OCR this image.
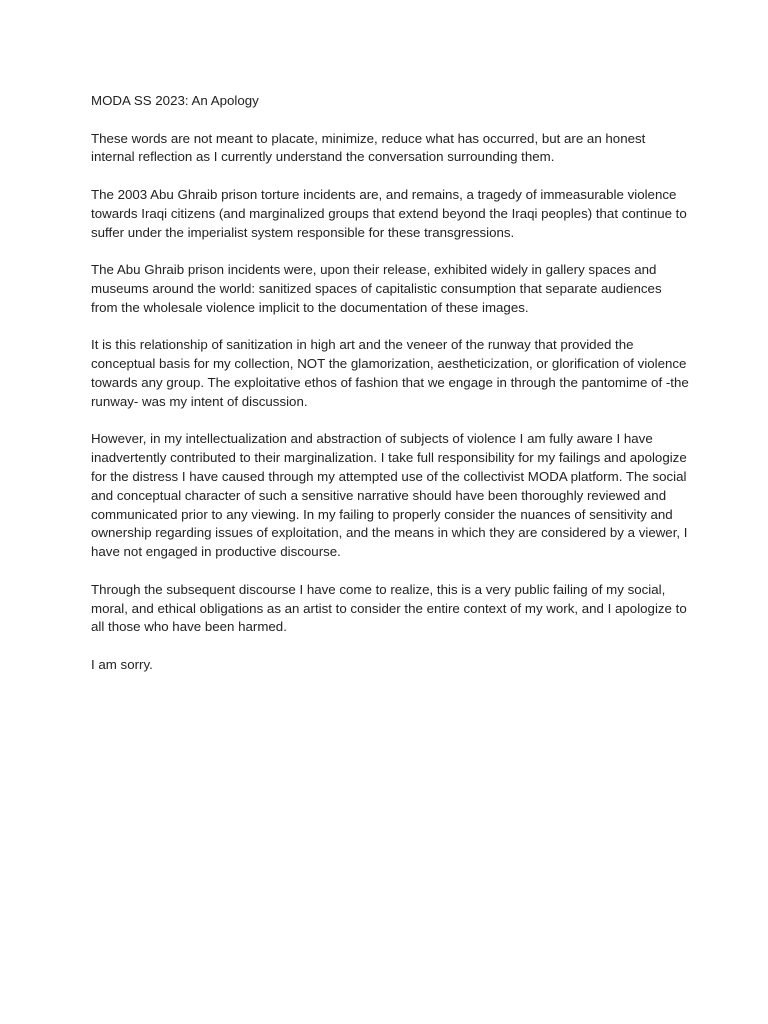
MODA SS 2023: An Apology

These words are not meant to placate, minimize, reduce what has occurred, but are an honest internal reflection as I currently understand the conversation surrounding them.

The 2003 Abu Ghraib prison torture incidents are, and remains, a tragedy of immeasurable violence towards Iraqi citizens (and marginalized groups that extend beyond the Iraqi peoples) that continue to suffer under the imperialist system responsible for these transgressions.

The Abu Ghraib prison incidents were, upon their release, exhibited widely in gallery spaces and museums around the world: sanitized spaces of capitalistic consumption that separate audiences from the wholesale violence implicit to the documentation of these images.

It is this relationship of sanitization in high art and the veneer of the runway that provided the conceptual basis for my collection, NOT the glamorization, aestheticization, or glorification of violence towards any group. The exploitative ethos of fashion that we engage in through the pantomime of -the runway- was my intent of discussion.

However, in my intellectualization and abstraction of subjects of violence I am fully aware I have inadvertently contributed to their marginalization. I take full responsibility for my failings and apologize for the distress I have caused through my attempted use of the collectivist MODA platform. The social and conceptual character of such a sensitive narrative should have been thoroughly reviewed and communicated prior to any viewing. In my failing to properly consider the nuances of sensitivity and ownership regarding issues of exploitation, and the means in which they are considered by a viewer, I have not engaged in productive discourse.

Through the subsequent discourse I have come to realize, this is a very public failing of my social, moral, and ethical obligations as an artist to consider the entire context of my work, and I apologize to all those who have been harmed.

I am sorry.
